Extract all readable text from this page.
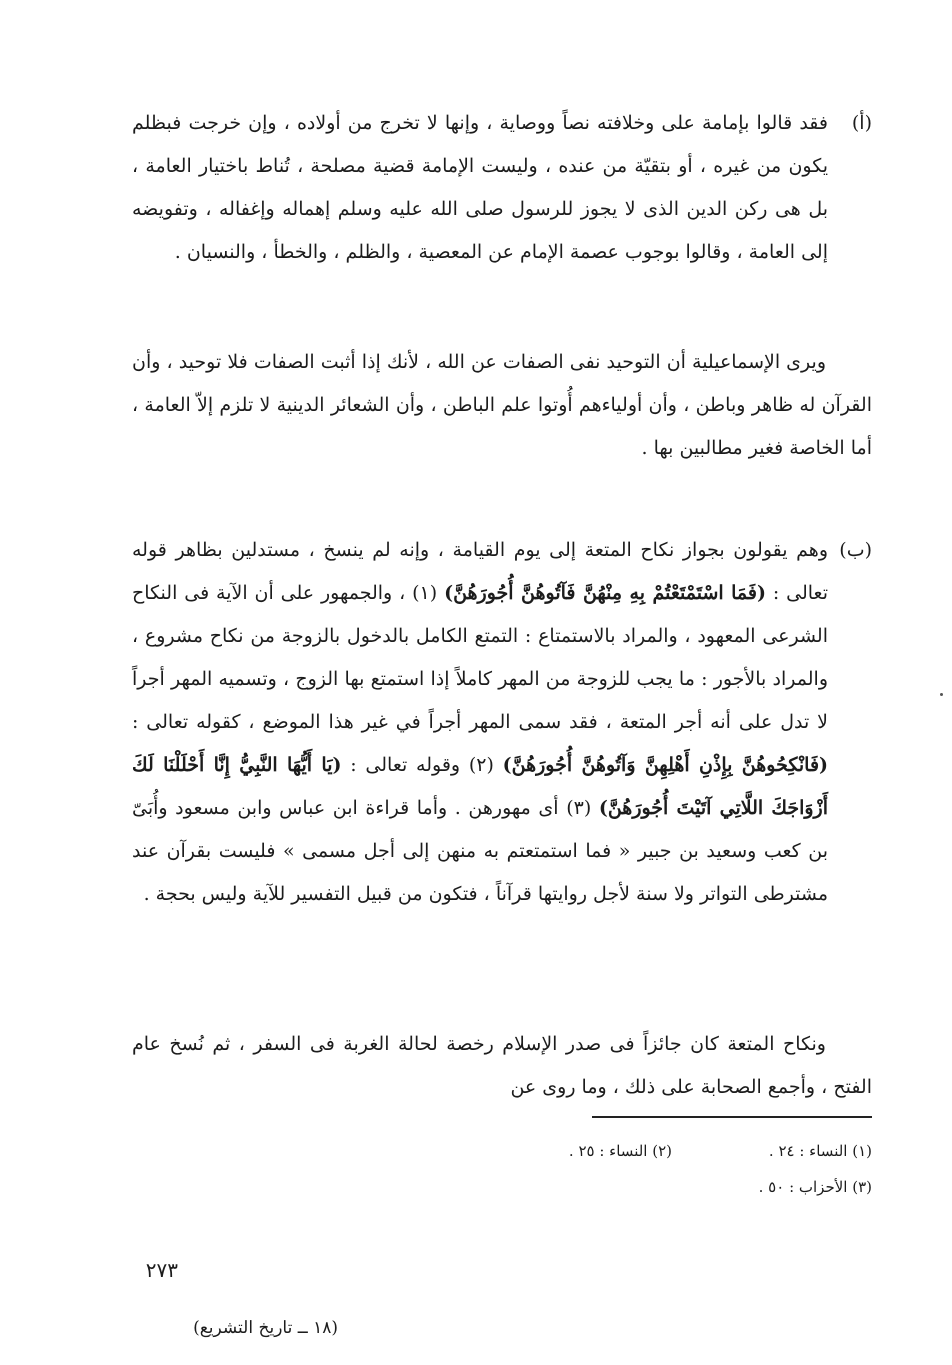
(أ)

فقد قالوا بإمامة على وخلافته نصاً ووصاية ، وإنها لا تخرج من أولاده ، وإن خرجت فبظلم يكون من غيره ، أو بتقيّة من عنده ، وليست الإمامة قضية مصلحة ، تُناط باختيار العامة ، بل هى ركن الدين الذى لا يجوز للرسول صلى الله عليه وسلم إهماله وإغفاله ، وتفويضه إلى العامة ، وقالوا بوجوب عصمة الإمام عن المعصية ، والظلم ، والخطأ ، والنسيان .

ويرى الإسماعيلية أن التوحيد نفى الصفات عن الله ، لأنك إذا أثبت الصفات فلا توحيد ، وأن القرآن له ظاهر وباطن ، وأن أولياءهم أُوتوا علم الباطن ، وأن الشعائر الدينية لا تلزم إلاّ العامة ، أما الخاصة فغير مطالبين بها .

(ب)

وهم يقولون بجواز نكاح المتعة إلى يوم القيامة ، وإنه لم ينسخ ، مستدلين بظاهر قوله تعالى : (فَمَا اسْتَمْتَعْتُمْ بِهِ مِنْهُنَّ فَآتُوهُنَّ أُجُورَهُنَّ) (١) ، والجمهور على أن الآية فى النكاح الشرعى المعهود ، والمراد بالاستمتاع : التمتع الكامل بالدخول بالزوجة من نكاح مشروع ، والمراد بالأجور : ما يجب للزوجة من المهر كاملاً إذا استمتع بها الزوج ، وتسميه المهر أجراً لا تدل على أنه أجر المتعة ، فقد سمى المهر أجراً في غير هذا الموضع ، كقوله تعالى : (فَانْكِحُوهُنَّ بِإِذْنِ أَهْلِهِنَّ وَآتُوهُنَّ أُجُورَهُنَّ) (٢) وقوله تعالى : (يَا أَيُّهَا النَّبِيُّ إِنَّا أَحْلَلْنَا لَكَ أَزْوَاجَكَ اللَّاتِي آتَيْتَ أُجُورَهُنَّ) (٣) أى مهورهن . وأما قراءة ابن عباس وابن مسعود وأُبَىّ بن كعب وسعيد بن جبير « فما استمتعتم به منهن إلى أجل مسمى » فليست بقرآن عند مشترطى التواتر ولا سنة لأجل روايتها قرآناً ، فتكون من قبيل التفسير للآية وليس بحجة .

ونكاح المتعة كان جائزاً فى صدر الإسلام رخصة لحالة الغربة فى السفر ، ثم نُسخ عام الفتح ، وأجمع الصحابة على ذلك ، وما روى عن

(١) النساء : ٢٤ .
(٢) النساء : ٢٥ .
(٣) الأحزاب : ٥٠ .
٢٧٣
(١٨ ــ تاريخ التشريع)
